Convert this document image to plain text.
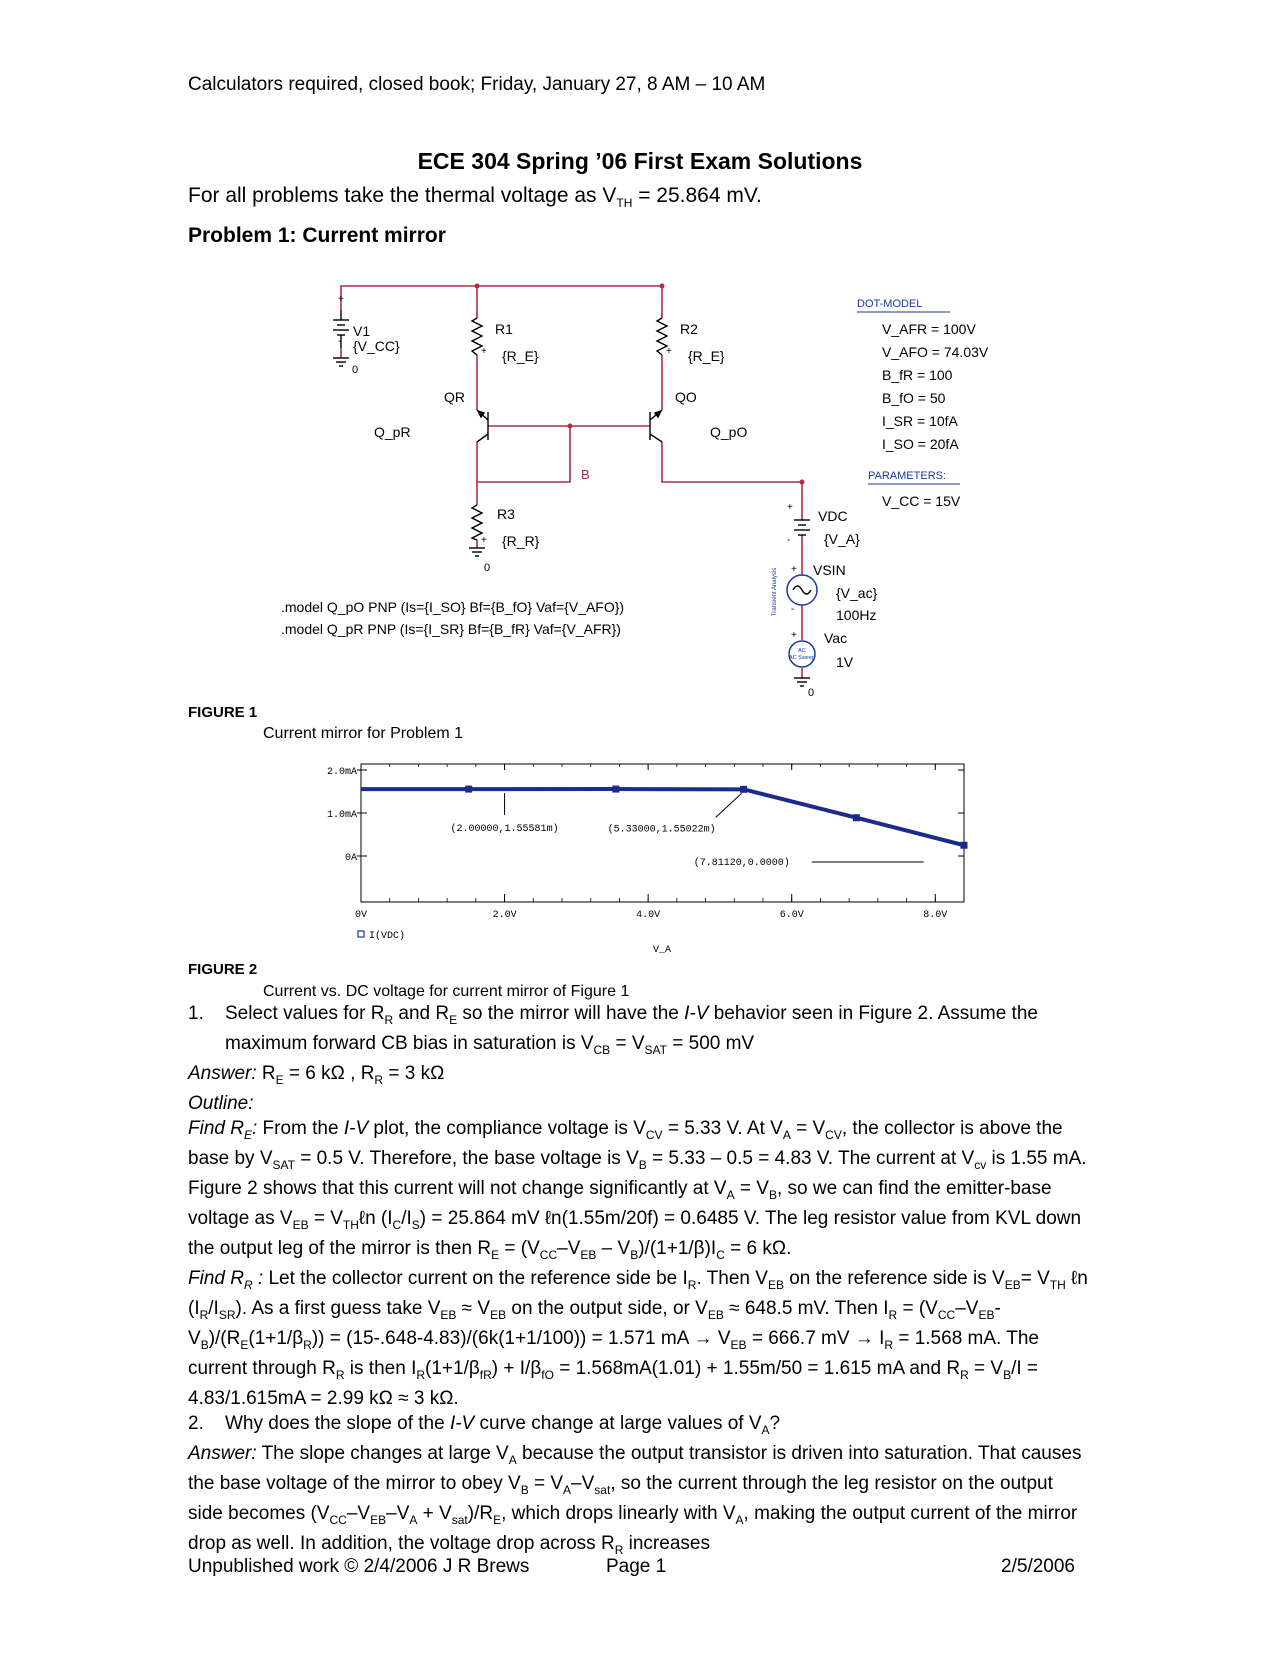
Calculators required, closed book; Friday, January 27, 8 AM – 10 AM
ECE 304 Spring ’06 First Exam Solutions
For all problems take the thermal voltage as $V_{TH} = 25.864$ mV.
Problem 1: Current mirror
AC
AC Sweep
Transient Analysis
+
-
V1
{V_CC}
0
R1
+ {R_E}
R2
+ {R_E}
QR	QO
Q_pR	Q_pO
B
R3
+ {R_R}
0
.model Q_pO PNP (Is={I_SO} Bf={B_fO} Vaf={V_AFO})
.model Q_pR PNP (Is={I_SR} Bf={B_fR} Vaf={V_AFR})
+
-
VDC
{V_A}
+ VSIN
{V_ac}
100Hz
-
+ Vac
1V
0
DOT-MODEL
V_AFR = 100V
V_AFO = 74.03V
B_fR = 100
B_fO = 50
I_SR = 10fA
I_SO = 20fA
PARAMETERS:
V_CC = 15V
FIGURE 1
Current mirror for Problem 1
0V	2.0V	4.0V	6.0V	8.0V
0A
1.0mA
2.0mA
(2.00000,1.55581m)	(5.33000,1.55022m)
(7.81120,0.0000)
I(VDC)
V_A
FIGURE 2
Current vs. DC voltage for current mirror of Figure 1

1. Select values for $R_R$ and $R_E$ so the mirror will have the I-V behavior seen in Figure 2. Assume the maximum forward CB bias in saturation is $V_{CB} = V_{SAT} = 500$ mV

Answer: $R_E = 6$ kΩ , $R_R = 3$ kΩ

Outline:

Find $R_E$: From the I-V plot, the compliance voltage is $V_{CV} = 5.33$ V. At $V_A = V_{CV}$, the collector is above the base by $V_{SAT} = 0.5$ V. Therefore, the base voltage is $V_B = 5.33 - 0.5 = 4.83$ V. The current at $V_{cv}$ is 1.55 mA. Figure 2 shows that this current will not change significantly at $V_A = V_B$, so we can find the emitter-base voltage as $V_{EB}$ = $V_{TH}\ell n$ $(I_C/I_S) = 25.864$ mV ℓn(1.55m/20f) = 0.6485 V. The leg resistor value from KVL down the output leg of the mirror is then $R_E = (V_{CC}-V_{EB} - V_B)/(1+1/\beta)I_C = 6$ kΩ.

Find $R_R$ : Let the collector current on the reference side be $I_R$. Then $V_{EB}$ on the reference side is $V_{EB}= V_{TH}$ ℓn $(I_R/I_{SR})$. As a first guess take $V_{EB} \approx V_{EB}$ on the output side, or $V_{EB} \approx 648.5$ mV. Then $I_R = (V_{CC}-V_{EB}-V_B)/(R_E(1+1/\beta_R)) = (15-.648-4.83)/(6k(1+1/100)) = 1.571$ mA → $V_{EB} = 666.7$ mV → $I_R = 1.568$ mA. The current through $R_R$ is then $I_R(1+1/\beta_{fR}) + I/\beta_{fO} = 1.568mA(1.01) + 1.55m/50 = 1.615$ mA and $R_R = V_B/I = 4.83/1.615mA = 2.99$ kΩ ≈ 3 kΩ.

2. Why does the slope of the I-V curve change at large values of $V_A$?

Answer: The slope changes at large $V_A$ because the output transistor is driven into saturation. That causes the base voltage of the mirror to obey $V_B = V_A-V_{sat}$, so the current through the leg resistor on the output side becomes $(V_{CC}-V_{EB}-V_A + V_{sat})/R_E$, which drops linearly with $V_A$, making the output current of the mirror drop as well. In addition, the voltage drop across $R_R$ increases

Unpublished work © 2/4/2006 J R Brews	Page 1	2/5/2006
